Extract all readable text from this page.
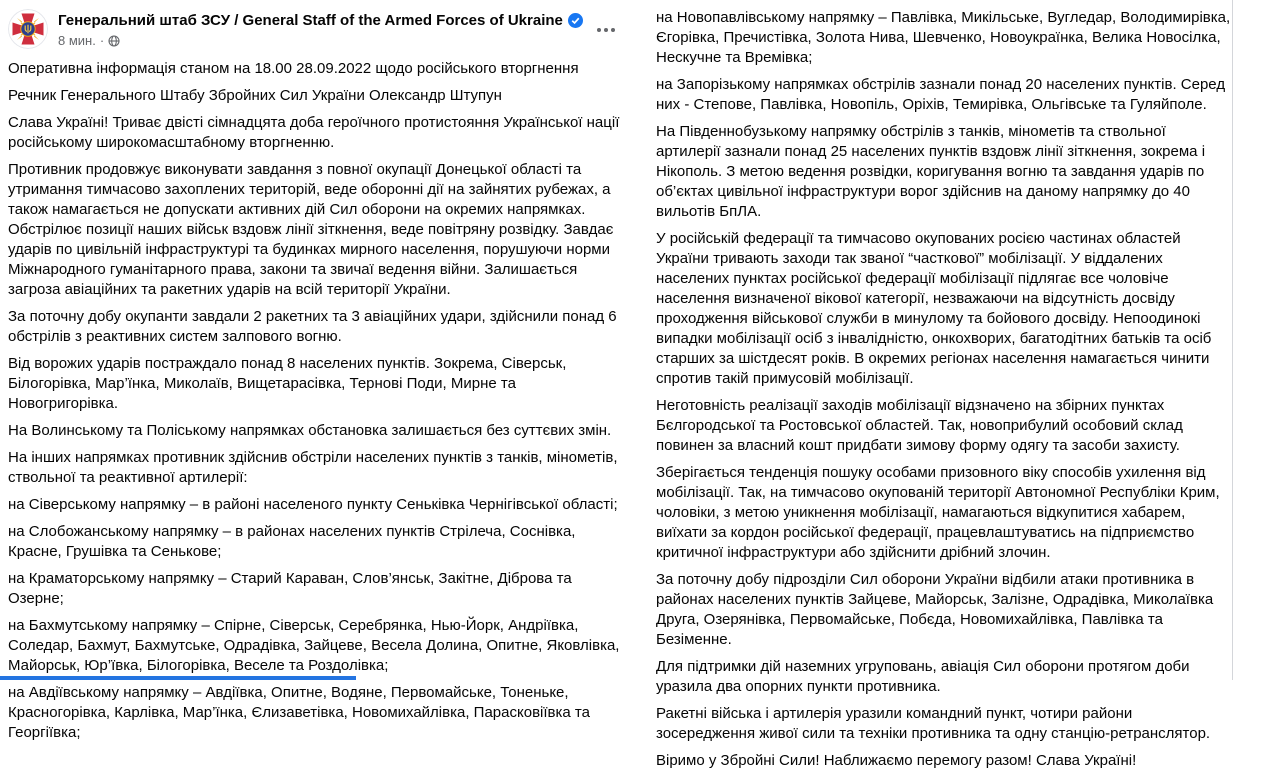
Генеральний штаб ЗСУ / General Staff of the Armed Forces of Ukraine
8 мин. ·

Оперативна інформація станом на 18.00 28.09.2022 щодо російського вторгнення

Речник Генерального Штабу Збройних Сил України Олександр Штупун

Слава Україні! Триває двісті сімнадцята доба героїчного протистояння Української нації російському широкомасштабному вторгненню.

Противник продовжує виконувати завдання з повної окупації Донецької області та утримання тимчасово захоплених територій, веде оборонні дії на зайнятих рубежах, а також намагається не допускати активних дій Сил оборони на окремих напрямках. Обстрілює позиції наших військ вздовж лінії зіткнення, веде повітряну розвідку. Завдає ударів по цивільній інфраструктурі та будинках мирного населення, порушуючи норми Міжнародного гуманітарного права, закони та звичаї ведення війни. Залишається загроза авіаційних та ракетних ударів на всій території України.

За поточну добу окупанти завдали 2 ракетних та 3 авіаційних удари, здійснили понад 6 обстрілів з реактивних систем залпового вогню.

Від ворожих ударів постраждало понад 8 населених пунктів. Зокрема, Сіверськ, Білогорівка, Мар’їнка, Миколаїв, Вищетарасівка, Тернові Поди, Мирне та Новогригорівка.

На Волинському та Поліському напрямках обстановка залишається без суттєвих змін.

На інших напрямках противник здійснив обстріли населених пунктів з танків, мінометів, ствольної та реактивної артилерії:

на Сіверському напрямку – в районі населеного пункту Сеньківка Чернігівської області;

на Слобожанському напрямку – в районах населених пунктів Стрілеча, Соснівка, Красне, Грушівка та Сенькове;

на Краматорському напрямку – Старий Караван, Слов’янськ, Закітне, Діброва та Озерне;

на Бахмутському напрямку – Спірне, Сіверськ, Серебрянка, Нью-Йорк, Андріївка, Соледар, Бахмут, Бахмутське, Одрадівка, Зайцеве, Весела Долина, Опитне, Яковлівка, Майорськ, Юр’ївка, Білогорівка, Веселе та Роздолівка;

на Авдіївському напрямку – Авдіївка, Опитне, Водяне, Первомайське, Тоненьке, Красногорівка, Карлівка, Мар’їнка, Єлизаветівка, Новомихайлівка, Парасковіївка та Георгіївка;

на Новопавлівському напрямку – Павлівка, Микільське, Вугледар, Володимирівка, Єгорівка, Пречистівка, Золота Нива, Шевченко, Новоукраїнка, Велика Новосілка, Нескучне та Времівка;

на Запорізькому напрямках обстрілів зазнали понад 20 населених пунктів. Серед них - Степове, Павлівка, Новопіль, Оріхів, Темирівка, Ольгівське та Гуляйполе.

На Південнобузькому напрямку обстрілів з танків, мінометів та ствольної артилерії зазнали понад 25 населених пунктів вздовж лінії зіткнення, зокрема і Нікополь. З метою ведення розвідки, коригування вогню та завдання ударів по об’єктах цивільної інфраструктури ворог здійснив на даному напрямку до 40 вильотів БпЛА.

У російській федерації та тимчасово окупованих росією частинах областей України тривають заходи так званої “часткової” мобілізації. У віддалених населених пунктах російської федерації мобілізації підлягає все чоловіче населення визначеної вікової категорії, незважаючи на відсутність досвіду проходження військової служби в минулому та бойового досвіду. Непоодинокі випадки мобілізації осіб з інвалідністю, онкохворих, багатодітних батьків та осіб старших за шістдесят років. В окремих регіонах населення намагається чинити спротив такій примусовій мобілізації.

Неготовність реалізації заходів мобілізації відзначено на збірних пунктах Бєлгородської та Ростовської областей. Так, новоприбулий особовий склад повинен за власний кошт придбати зимову форму одягу та засоби захисту.

Зберігається тенденція пошуку особами призовного віку способів ухилення від мобілізації. Так, на тимчасово окупованій території Автономної Республіки Крим, чоловіки, з метою уникнення мобілізації, намагаються відкупитися хабарем, виїхати за кордон російської федерації, працевлаштуватись на підприємство критичної інфраструктури або здійснити дрібний злочин.

За поточну добу підрозділи Сил оборони України відбили атаки противника в районах населених пунктів Зайцеве, Майорськ, Залізне, Одрадівка, Миколаївка Друга, Озерянівка, Первомайське, Побєда, Новомихайлівка, Павлівка та Безіменне.

Для підтримки дій наземних угруповань, авіація Сил оборони протягом доби уразила два опорних пункти противника.

Ракетні війська і артилерія уразили командний пункт, чотири райони зосередження живої сили та техніки противника та одну станцію-ретранслятор.

Віримо у Збройні Сили! Наближаємо перемогу разом! Слава Україні!
